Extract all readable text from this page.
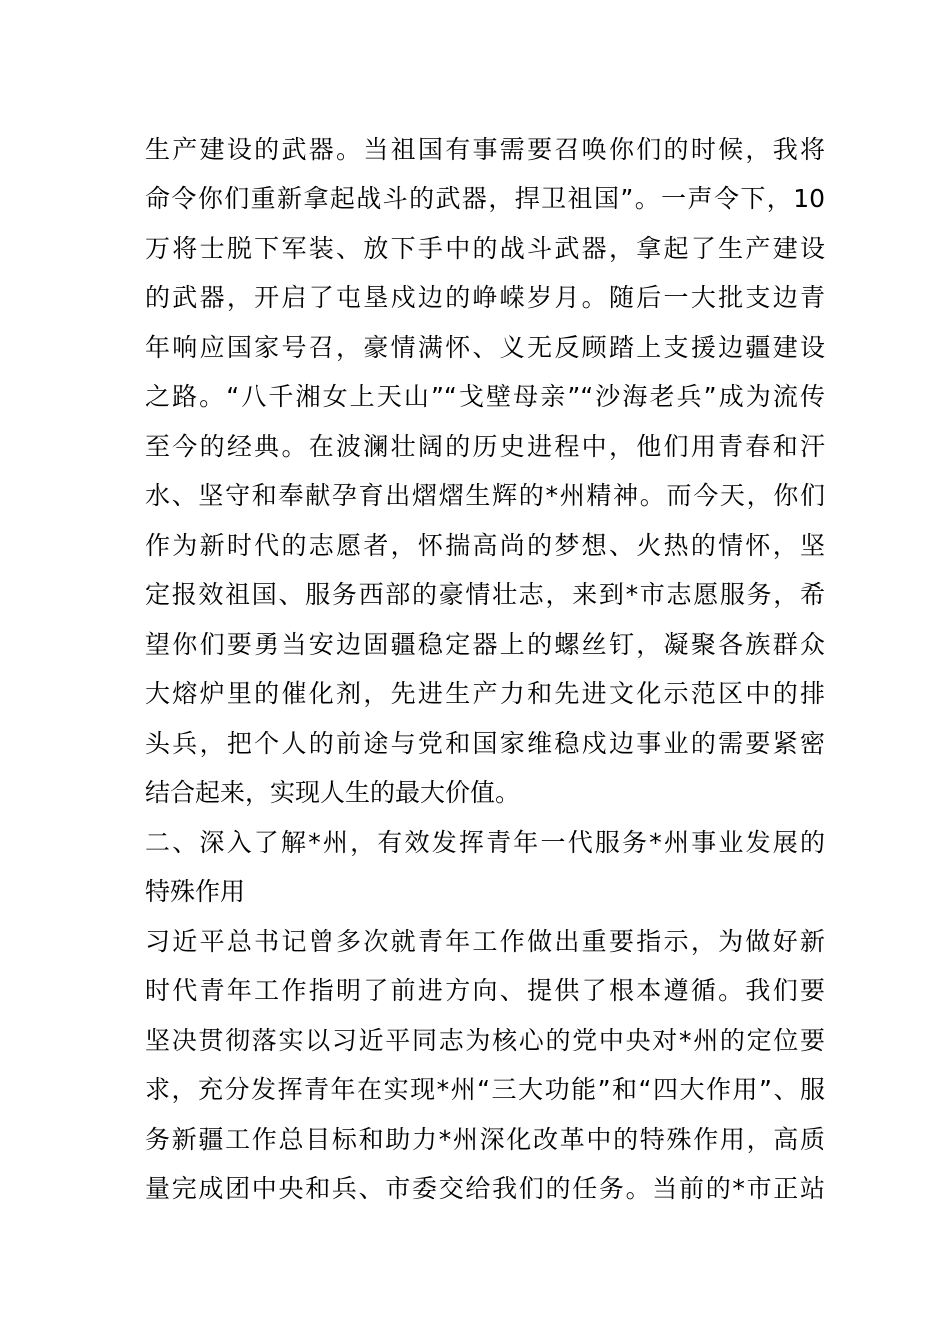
生产建设的武器。当祖国有事需要召唤你们的时候，我将
命令你们重新拿起战斗的武器，捍卫祖国”。一声令下，10
万将士脱下军装、放下手中的战斗武器，拿起了生产建设
的武器，开启了屯垦戍边的峥嵘岁月。随后一大批支边青
年响应国家号召，豪情满怀、义无反顾踏上支援边疆建设
之路。“八千湘女上天山”“戈壁母亲”“沙海老兵”成为流传
至今的经典。在波澜壮阔的历史进程中，他们用青春和汗
水、坚守和奉献孕育出熠熠生辉的*州精神。而今天，你们
作为新时代的志愿者，怀揣高尚的梦想、火热的情怀，坚
定报效祖国、服务西部的豪情壮志，来到*市志愿服务，希
望你们要勇当安边固疆稳定器上的螺丝钉，凝聚各族群众
大熔炉里的催化剂，先进生产力和先进文化示范区中的排
头兵，把个人的前途与党和国家维稳戍边事业的需要紧密
结合起来，实现人生的最大价值。
二、深入了解*州，有效发挥青年一代服务*州事业发展的
特殊作用
习近平总书记曾多次就青年工作做出重要指示，为做好新
时代青年工作指明了前进方向、提供了根本遵循。我们要
坚决贯彻落实以习近平同志为核心的党中央对*州的定位要
求，充分发挥青年在实现*州“三大功能”和“四大作用”、服
务新疆工作总目标和助力*州深化改革中的特殊作用，高质
量完成团中央和兵、市委交给我们的任务。当前的*市正站
